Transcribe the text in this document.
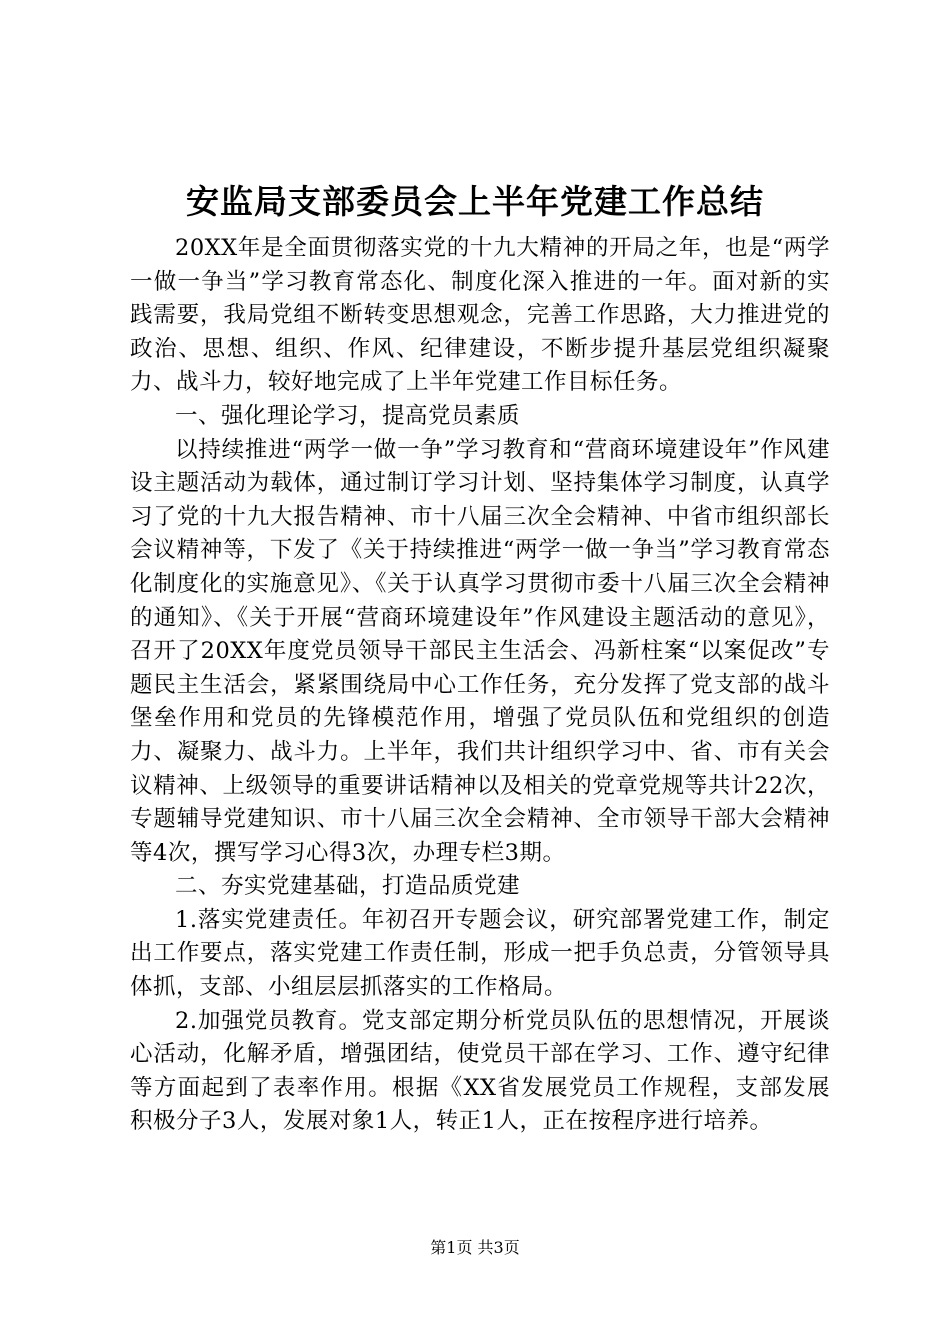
安监局支部委员会上半年党建工作总结

20XX年是全面贯彻落实党的十九大精神的开局之年，也是“两学一做一争当”学习教育常态化、制度化深入推进的一年。面对新的实践需要，我局党组不断转变思想观念，完善工作思路，大力推进党的政治、思想、组织、作风、纪律建设，不断步提升基层党组织凝聚力、战斗力，较好地完成了上半年党建工作目标任务。

一、强化理论学习，提高党员素质

以持续推进“两学一做一争”学习教育和“营商环境建设年”作风建设主题活动为载体，通过制订学习计划、坚持集体学习制度，认真学习了党的十九大报告精神、市十八届三次全会精神、中省市组织部长会议精神等，下发了《关于持续推进“两学一做一争当”学习教育常态化制度化的实施意见》、《关于认真学习贯彻市委十八届三次全会精神的通知》、《关于开展“营商环境建设年”作风建设主题活动的意见》，召开了20XX年度党员领导干部民主生活会、冯新柱案“以案促改”专题民主生活会，紧紧围绕局中心工作任务，充分发挥了党支部的战斗堡垒作用和党员的先锋模范作用，增强了党员队伍和党组织的创造力、凝聚力、战斗力。上半年，我们共计组织学习中、省、市有关会议精神、上级领导的重要讲话精神以及相关的党章党规等共计22次，专题辅导党建知识、市十八届三次全会精神、全市领导干部大会精神等4次，撰写学习心得3次，办理专栏3期。

二、夯实党建基础，打造品质党建

1.落实党建责任。年初召开专题会议，研究部署党建工作，制定出工作要点，落实党建工作责任制，形成一把手负总责，分管领导具体抓，支部、小组层层抓落实的工作格局。

2.加强党员教育。党支部定期分析党员队伍的思想情况，开展谈心活动，化解矛盾，增强团结，使党员干部在学习、工作、遵守纪律等方面起到了表率作用。根据《XX省发展党员工作规程，支部发展积极分子3人，发展对象1人，转正1人，正在按程序进行培养。

第1页 共3页
